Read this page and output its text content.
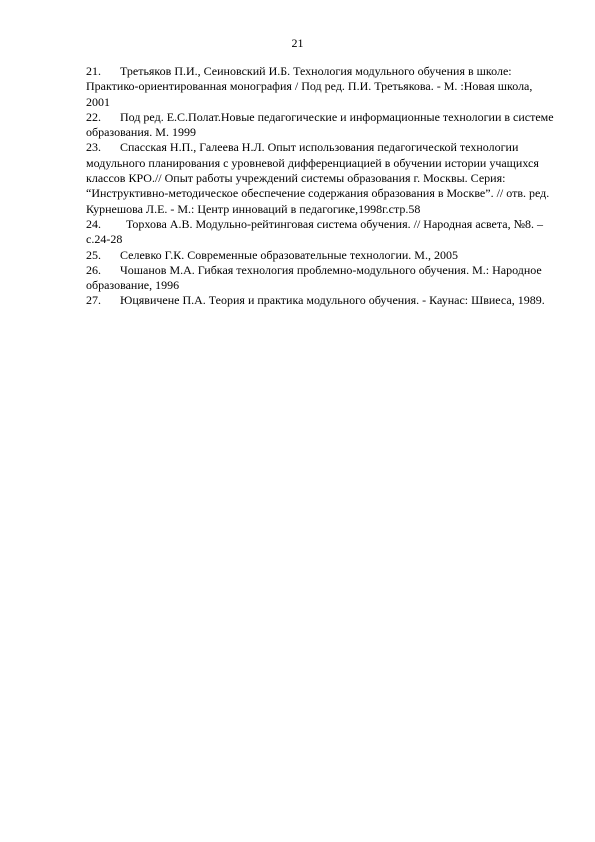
21

21. Третьяков П.И., Сеиновский И.Б. Технология модульного обучения в школе: Практико-ориентированная монография / Под ред. П.И. Третьякова. - М. :Новая школа, 2001

22. Под ред. Е.С.Полат.Новые педагогические и информационные технологии в системе образования. М. 1999

23. Спасская Н.П., Галеева Н.Л. Опыт использования педагогической технологии модульного планирования с уровневой дифференциацией в обучении истории учащихся классов КРО.// Опыт работы учреждений системы образования г. Москвы. Серия: “Инструктивно-методическое обеспечение содержания образования в Москве”. // отв. ред. Курнешова Л.Е. - М.: Центр инноваций в педагогике,1998г.стр.58

24. Торхова А.В. Модульно-рейтинговая система обучения. // Народная асвета, №8. – с.24-28

25. Селевко Г.К. Современные образовательные технологии. М., 2005

26. Чошанов М.А. Гибкая технология проблемно-модульного обучения. М.: Народное образование, 1996

27. Юцявичене П.А. Теория и практика модульного обучения. - Каунас: Швиеса, 1989.
